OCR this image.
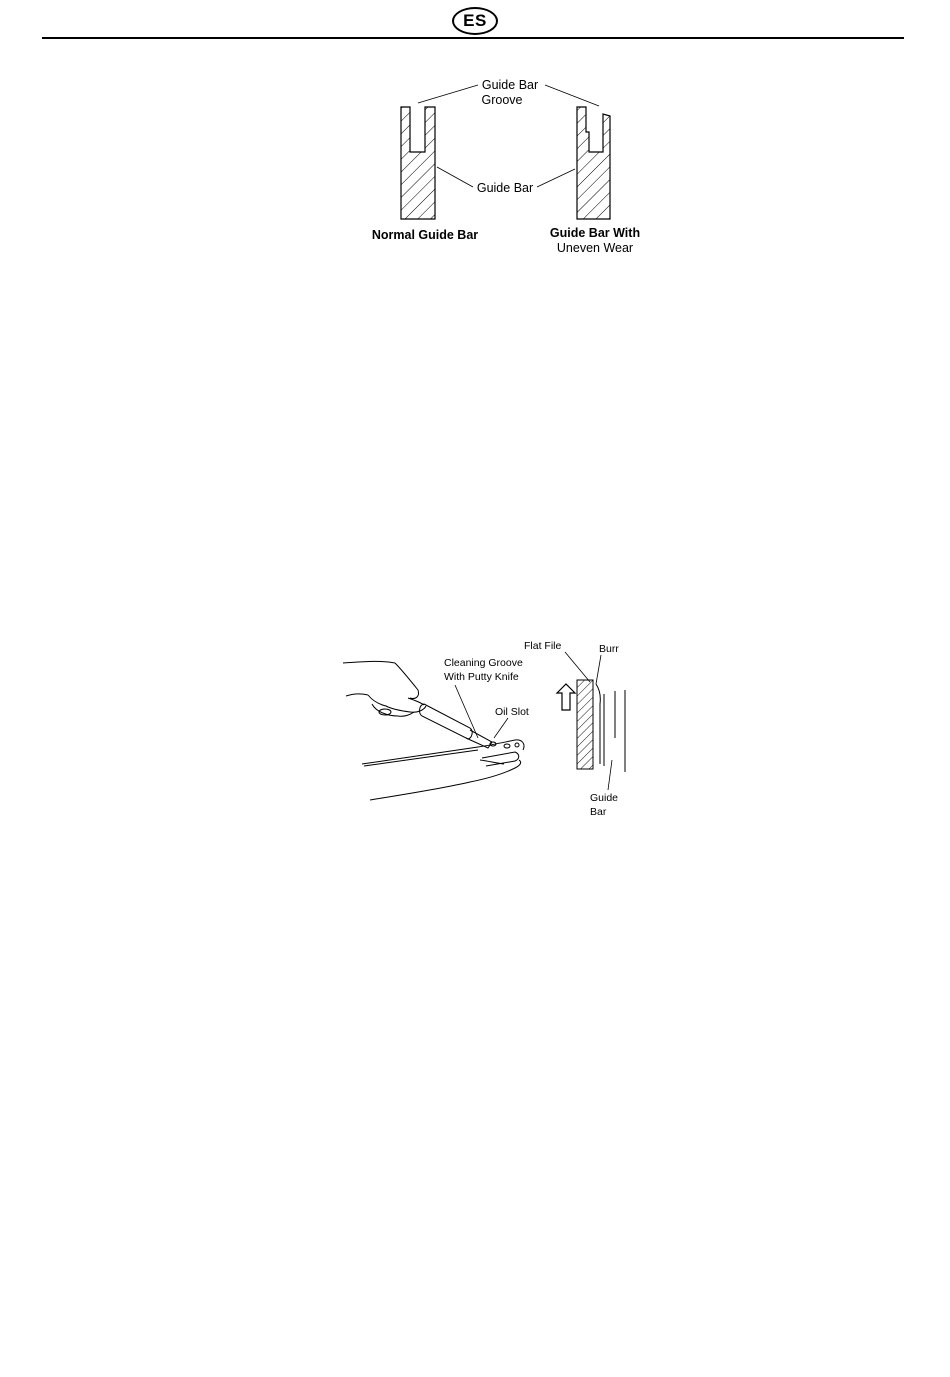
ES
Guide Bar
Groove
Guide Bar
Normal Guide Bar	Guide Bar With
Uneven Wear
Cleaning Groove
With Putty Knife
Oil Slot
Flat File	Burr
Guide
Bar
